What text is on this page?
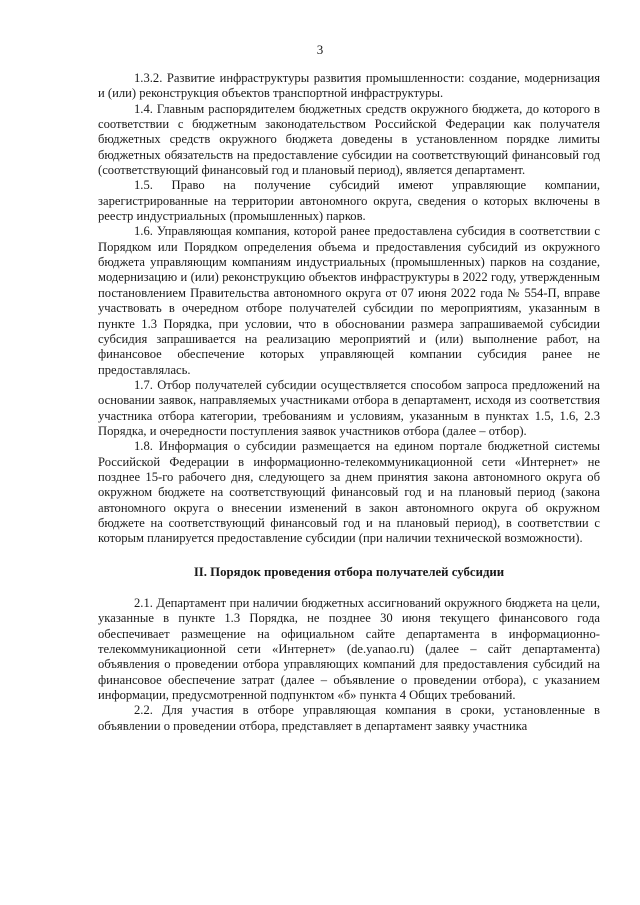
3

1.3.2. Развитие инфраструктуры развития промышленности: создание, модернизация и (или) реконструкция объектов транспортной инфраструктуры.

1.4. Главным распорядителем бюджетных средств окружного бюджета, до которого в соответствии с бюджетным законодательством Российской Федерации как получателя бюджетных средств окружного бюджета доведены в установленном порядке лимиты бюджетных обязательств на предоставление субсидии на соответствующий финансовый год (соответствующий финансовый год и плановый период), является департамент.

1.5. Право на получение субсидий имеют управляющие компании, зарегистрированные на территории автономного округа, сведения о которых включены в реестр индустриальных (промышленных) парков.

1.6. Управляющая компания, которой ранее предоставлена субсидия в соответствии с Порядком или Порядком определения объема и предоставления субсидий из окружного бюджета управляющим компаниям индустриальных (промышленных) парков на создание, модернизацию и (или) реконструкцию объектов инфраструктуры в 2022 году, утвержденным постановлением Правительства автономного округа от 07 июня 2022 года № 554-П, вправе участвовать в очередном отборе получателей субсидии по мероприятиям, указанным в пункте 1.3 Порядка, при условии, что в обосновании размера запрашиваемой субсидии субсидия запрашивается на реализацию мероприятий и (или) выполнение работ, на финансовое обеспечение которых управляющей компании субсидия ранее не предоставлялась.

1.7. Отбор получателей субсидии осуществляется способом запроса предложений на основании заявок, направляемых участниками отбора в департамент, исходя из соответствия участника отбора категории, требованиям и условиям, указанным в пунктах 1.5, 1.6, 2.3 Порядка, и очередности поступления заявок участников отбора (далее – отбор).

1.8. Информация о субсидии размещается на едином портале бюджетной системы Российской Федерации в информационно-телекоммуникационной сети «Интернет» не позднее 15-го рабочего дня, следующего за днем принятия закона автономного округа об окружном бюджете на соответствующий финансовый год и на плановый период (закона автономного округа о внесении изменений в закон автономного округа об окружном бюджете на соответствующий финансовый год и на плановый период), в соответствии с которым планируется предоставление субсидии (при наличии технической возможности).

II. Порядок проведения отбора получателей субсидии

2.1. Департамент при наличии бюджетных ассигнований окружного бюджета на цели, указанные в пункте 1.3 Порядка, не позднее 30 июня текущего финансового года обеспечивает размещение на официальном сайте департамента в информационно-телекоммуникационной сети «Интернет» (de.yanao.ru) (далее – сайт департамента) объявления о проведении отбора управляющих компаний для предоставления субсидий на финансовое обеспечение затрат (далее – объявление о проведении отбора), с указанием информации, предусмотренной подпунктом «б» пункта 4 Общих требований.

2.2. Для участия в отборе управляющая компания в сроки, установленные в объявлении о проведении отбора, представляет в департамент заявку участника
